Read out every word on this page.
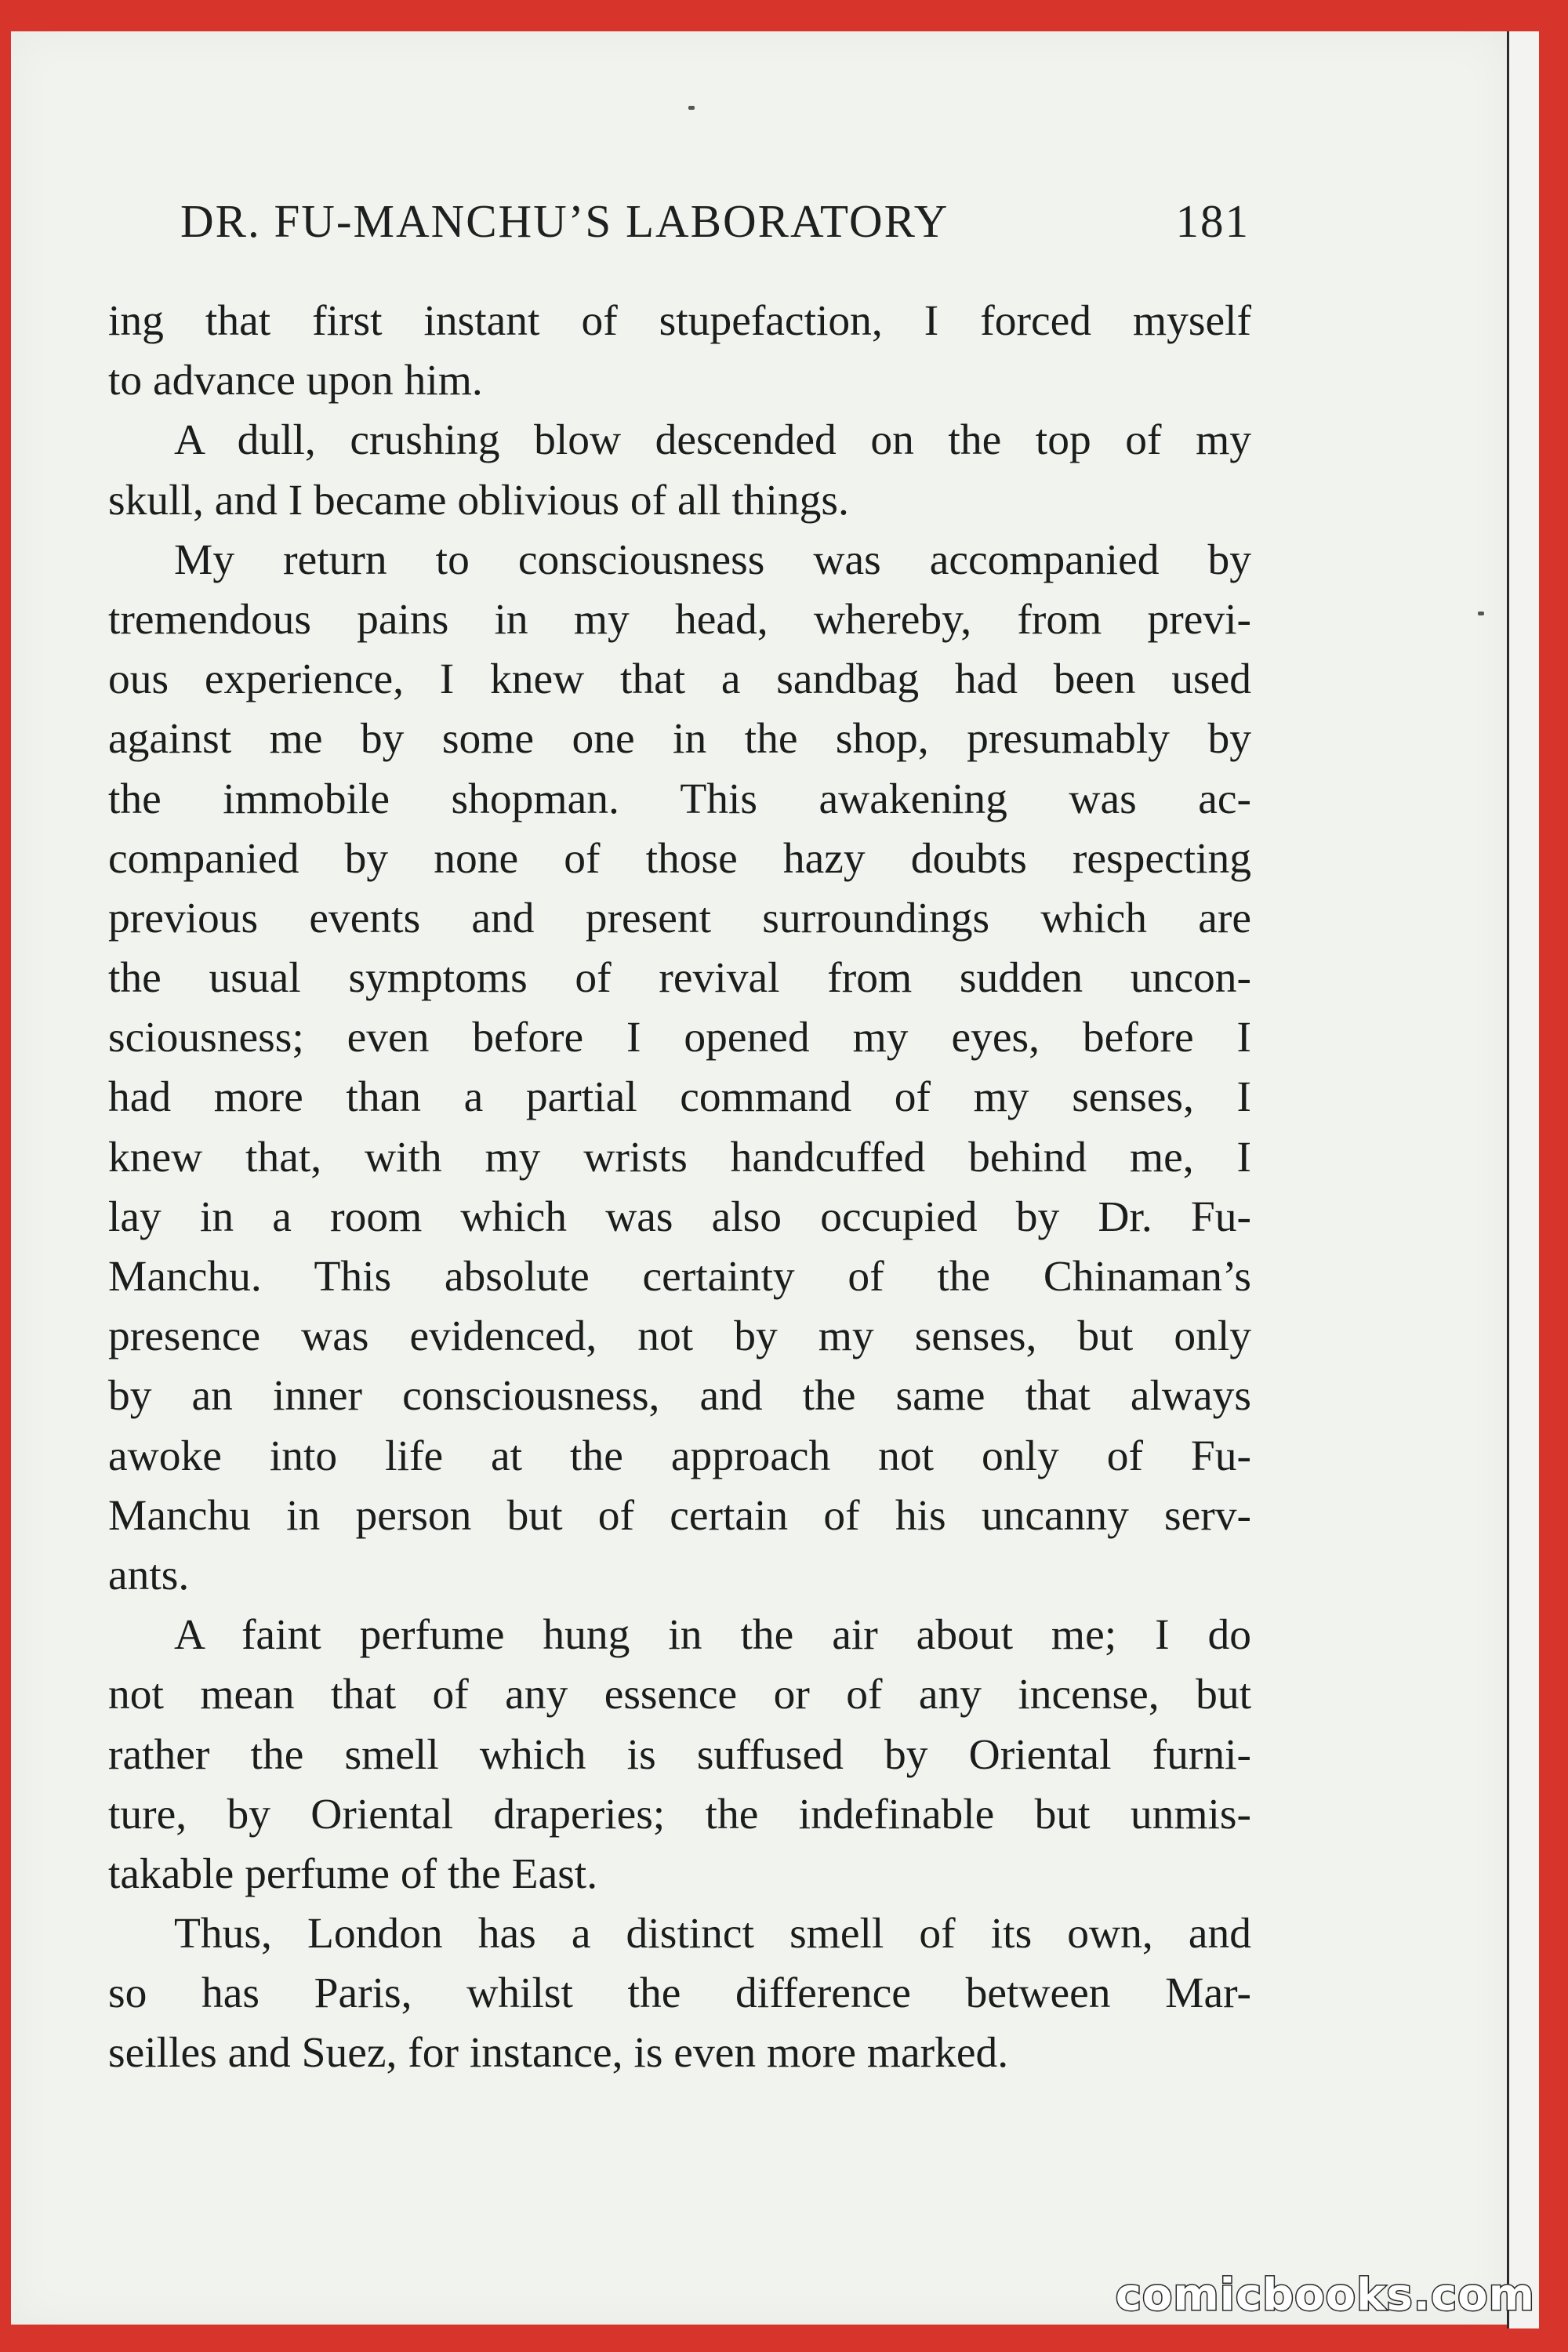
DR. FU-MANCHU’S LABORATORY	181
ing that first instant of stupefaction, I forced myself
to advance upon him.
A dull, crushing blow descended on the top of my
skull, and I became oblivious of all things.
My return to consciousness was accompanied by
tremendous pains in my head, whereby, from previ-
ous experience, I knew that a sandbag had been used
against me by some one in the shop, presumably by
the immobile shopman. This awakening was ac-
companied by none of those hazy doubts respecting
previous events and present surroundings which are
the usual symptoms of revival from sudden uncon-
sciousness; even before I opened my eyes, before I
had more than a partial command of my senses, I
knew that, with my wrists handcuffed behind me, I
lay in a room which was also occupied by Dr. Fu-
Manchu. This absolute certainty of the Chinaman’s
presence was evidenced, not by my senses, but only
by an inner consciousness, and the same that always
awoke into life at the approach not only of Fu-
Manchu in person but of certain of his uncanny serv-
ants.
A faint perfume hung in the air about me; I do
not mean that of any essence or of any incense, but
rather the smell which is suffused by Oriental furni-
ture, by Oriental draperies; the indefinable but unmis-
takable perfume of the East.
Thus, London has a distinct smell of its own, and
so has Paris, whilst the difference between Mar-
seilles and Suez, for instance, is even more marked.
comicbooks.com
